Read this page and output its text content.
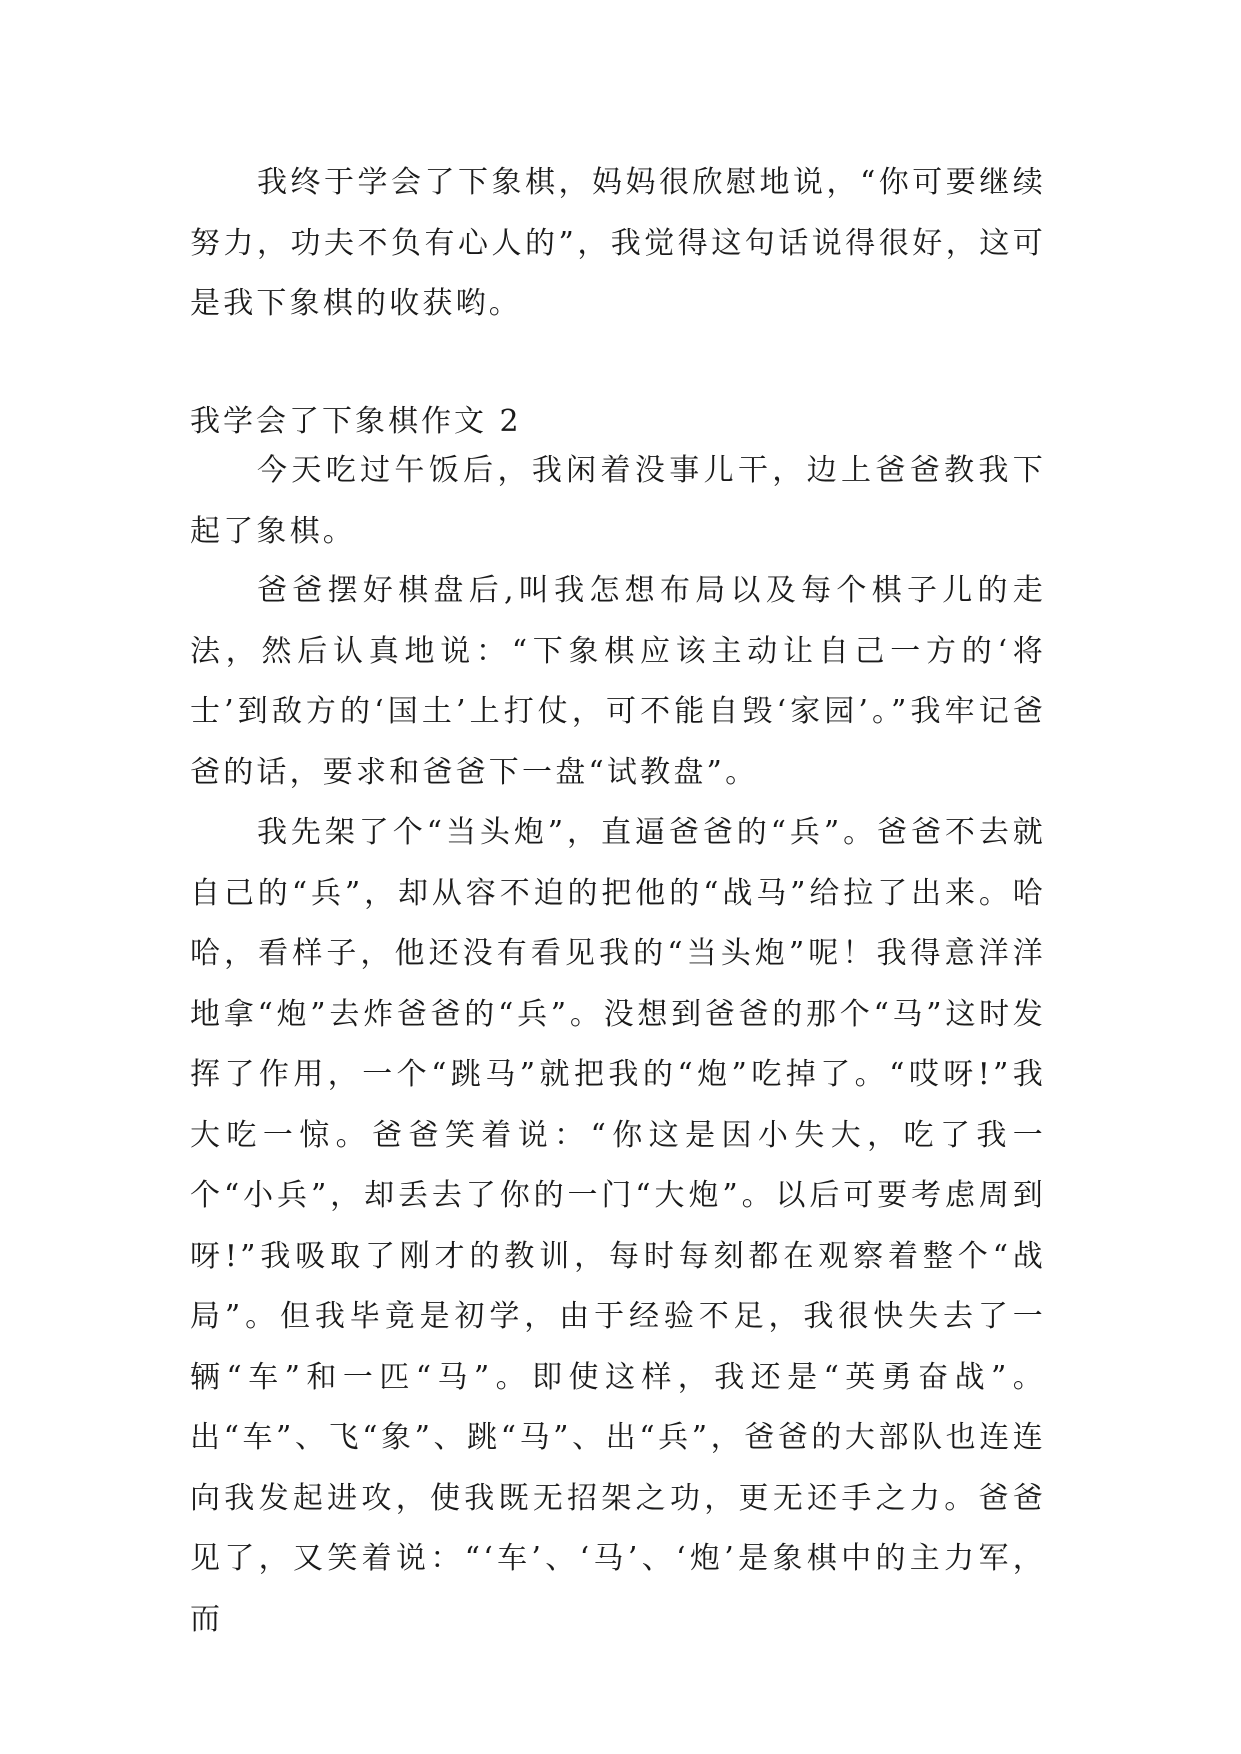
我终于学会了下象棋，妈妈很欣慰地说，“你可要继续努力，功夫不负有心人的”，我觉得这句话说得很好，这可是我下象棋的收获哟。

我学会了下象棋作文 2

今天吃过午饭后，我闲着没事儿干，边上爸爸教我下起了象棋。

爸爸摆好棋盘后,叫我怎想布局以及每个棋子儿的走法，然后认真地说：“下象棋应该主动让自己一方的‘将士’到敌方的‘国土’上打仗，可不能自毁‘家园’。”我牢记爸爸的话，要求和爸爸下一盘“试教盘”。

我先架了个“当头炮”，直逼爸爸的“兵”。爸爸不去就自己的“兵”，却从容不迫的把他的“战马”给拉了出来。哈哈，看样子，他还没有看见我的“当头炮”呢！我得意洋洋地拿“炮”去炸爸爸的“兵”。没想到爸爸的那个“马”这时发挥了作用，一个“跳马”就把我的“炮”吃掉了。“哎呀!”我大吃一惊。爸爸笑着说：“你这是因小失大，吃了我一个“小兵”，却丢去了你的一门“大炮”。以后可要考虑周到呀!”我吸取了刚才的教训，每时每刻都在观察着整个“战局”。但我毕竟是初学，由于经验不足，我很快失去了一辆“车”和一匹“马”。即使这样，我还是“英勇奋战”。出“车”、飞“象”、跳“马”、出“兵”，爸爸的大部队也连连向我发起进攻，使我既无招架之功，更无还手之力。爸爸见了，又笑着说：“‘车’、‘马’、‘炮’是象棋中的主力军，而
